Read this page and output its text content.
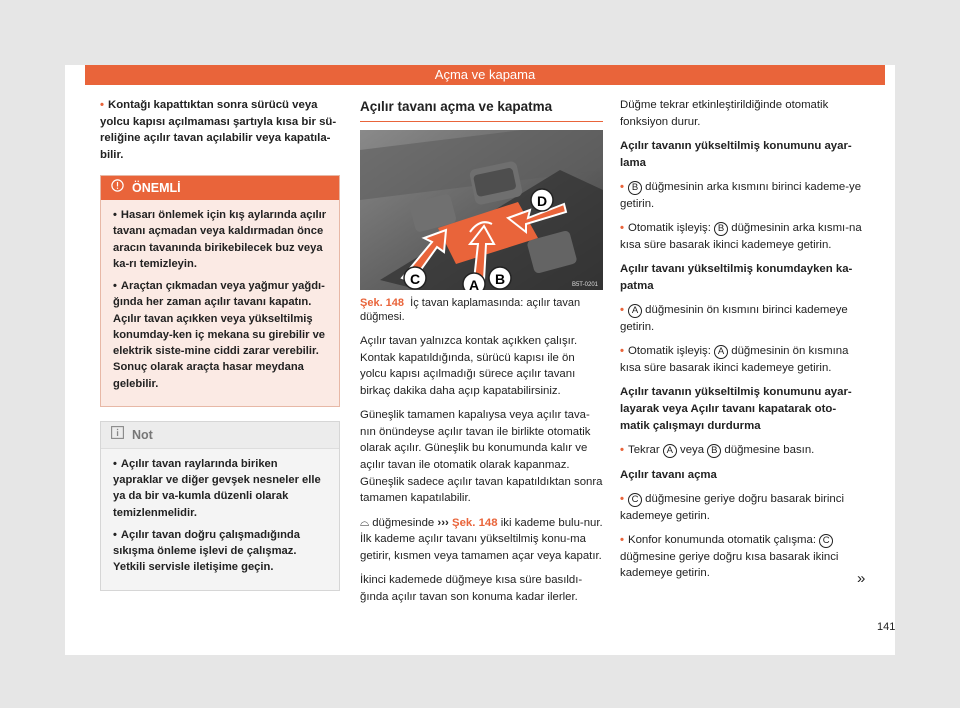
Açma ve kapama

• Kontağı kapattıktan sonra sürücü veya yolcu kapısı açılmaması şartıyla kısa bir sü-reliğine açılır tavan açılabilir veya kapatıla-bilir.

ÖNEMLİ

• Hasarı önlemek için kış aylarında açılır tavanı açmadan veya kaldırmadan önce aracın tavanında birikebilecek buz veya ka-rı temizleyin.

• Araçtan çıkmadan veya yağmur yağdı-ğında her zaman açılır tavanı kapatın. Açılır tavan açıkken veya yükseltilmiş konumday-ken iç mekana su girebilir ve elektrik siste-mine ciddi zarar verebilir. Sonuç olarak araçta hasar meydana gelebilir.

Not

• Açılır tavan raylarında biriken yapraklar ve diğer gevşek nesneler elle ya da bir va-kumla düzenli olarak temizlenmelidir.

• Açılır tavan doğru çalışmadığında sıkışma önleme işlevi de çalışmaz. Yetkili servisle iletişime geçin.

Açılır tavanı açma ve kapatma
D
C	A B	B5T-0201

Şek. 148 İç tavan kaplamasında: açılır tavan düğmesi.

Açılır tavan yalnızca kontak açıkken çalışır. Kontak kapatıldığında, sürücü kapısı ile ön yolcu kapısı açılmadığı sürece açılır tavanı birkaç dakika daha açıp kapatabilirsiniz.

Güneşlik tamamen kapalıysa veya açılır tava-nın önündeyse açılır tavan ile birlikte otomatik olarak açılır. Güneşlik bu konumunda kalır ve açılır tavan ile otomatik olarak kapanmaz. Güneşlik sadece açılır tavan kapatıldıktan sonra tamamen kapatılabilir.

⌓ düğmesinde ››› Şek. 148 iki kademe bulu-nur. İlk kademe açılır tavanı yükseltilmiş konu-ma getirir, kısmen veya tamamen açar veya kapatır.

İkinci kademede düğmeye kısa süre basıldı-ğında açılır tavan son konuma kadar ilerler.

Düğme tekrar etkinleştirildiğinde otomatik fonksiyon durur.

Açılır tavanın yükseltilmiş konumunu ayar-lama

• B düğmesinin arka kısmını birinci kademe-ye getirin.

• Otomatik işleyiş: B düğmesinin arka kısmı-na kısa süre basarak ikinci kademeye getirin.

Açılır tavanı yükseltilmiş konumdayken ka-patma

• A düğmesinin ön kısmını birinci kademeye getirin.

• Otomatik işleyiş: A düğmesinin ön kısmına kısa süre basarak ikinci kademeye getirin.

Açılır tavanın yükseltilmiş konumunu ayar-layarak veya Açılır tavanı kapatarak oto-matik çalışmayı durdurma

• Tekrar A veya B düğmesine basın.

Açılır tavanı açma

• C düğmesine geriye doğru basarak birinci kademeye getirin.

• Konfor konumunda otomatik çalışma: C düğmesine geriye doğru kısa basarak ikinci kademeye getirin.	»
141
